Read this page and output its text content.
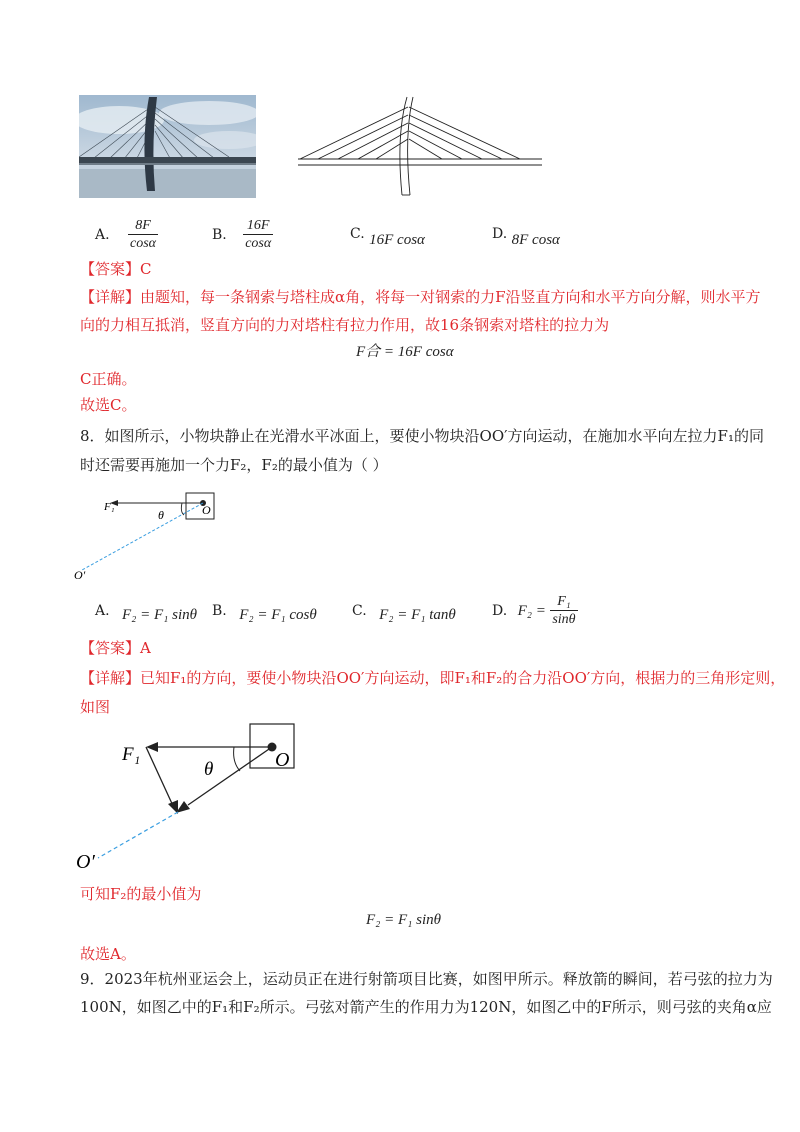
A. $\frac{8F}{\cos\alpha}$	B. $\frac{16F}{\cos\alpha}$	C. 16F cosα	D. 8F cosα
【答案】C
【详解】由题知，每一条钢索与塔柱成α角，将每一对钢索的力F沿竖直方向和水平方向分解，则水平方
向的力相互抵消，竖直方向的力对塔柱有拉力作用，故16条钢索对塔柱的拉力为
F合 = 16F cosα
C正确。
故选C。
8．如图所示，小物块静止在光滑水平冰面上，要使小物块沿OO′方向运动，在施加水平向左拉力F₁的同
时还需要再施加一个力F₂，F₂的最小值为（ ）
F₁
θ	O
O′
A. F₂ = F₁ sinθ B. F₂ = F₁ cosθ	C. F₂ = F₁ tanθ	D. $F_2 = \frac{\text{F₁}}{\sin\theta}$
【答案】A
【详解】已知F₁的方向，要使小物块沿OO′方向运动，即F₁和F₂的合力沿OO′方向，根据力的三角形定则，
如图
F₁
θ	O
O′
可知F₂的最小值为
F₂ = F₁ sinθ
故选A。
9．2023年杭州亚运会上，运动员正在进行射箭项目比赛，如图甲所示。释放箭的瞬间，若弓弦的拉力为
100N，如图乙中的F₁和F₂所示。弓弦对箭产生的作用力为120N，如图乙中的F所示，则弓弦的夹角α应
